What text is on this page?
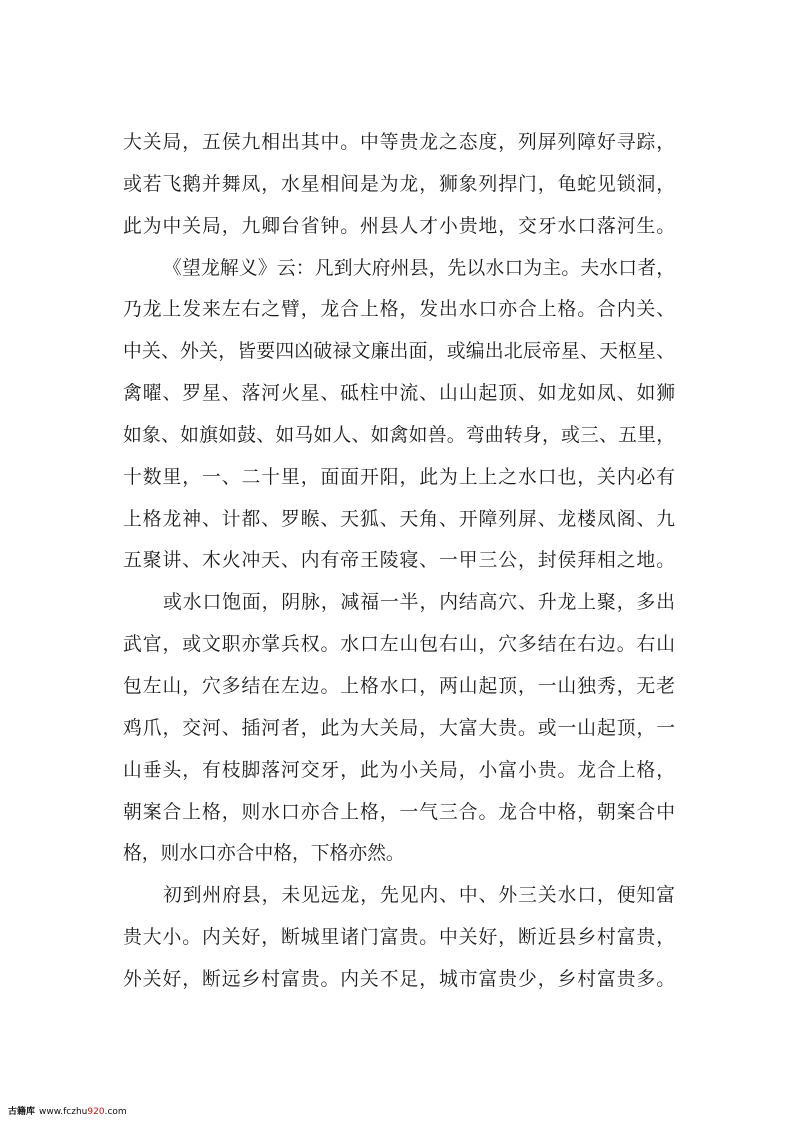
大关局，五侯九相出其中。中等贵龙之态度，列屏列障好寻踪，
或若飞鹅并舞凤，水星相间是为龙，狮象列捍门，龟蛇见锁洞，
此为中关局，九卿台省钟。州县人才小贵地，交牙水口落河生。
《望龙解义》云：凡到大府州县，先以水口为主。夫水口者，
乃龙上发来左右之臂，龙合上格，发出水口亦合上格。合内关、
中关、外关，皆要四凶破禄文廉出面，或编出北辰帝星、天枢星、
禽曜、罗星、落河火星、砥柱中流、山山起顶、如龙如凤、如狮
如象、如旗如鼓、如马如人、如禽如兽。弯曲转身，或三、五里，
十数里，一、二十里，面面开阳，此为上上之水口也，关内必有
上格龙神、计都、罗睺、天狐、天角、开障列屏、龙楼凤阁、九
五聚讲、木火冲天、内有帝王陵寝、一甲三公，封侯拜相之地。
或水口饱面，阴脉，减福一半，内结高穴、升龙上聚，多出
武官，或文职亦掌兵权。水口左山包右山，穴多结在右边。右山
包左山，穴多结在左边。上格水口，两山起顶，一山独秀，无老
鸡爪，交河、插河者，此为大关局，大富大贵。或一山起顶，一
山垂头，有枝脚落河交牙，此为小关局，小富小贵。龙合上格，
朝案合上格，则水口亦合上格，一气三合。龙合中格，朝案合中
格，则水口亦合中格，下格亦然。
初到州府县，未见远龙，先见内、中、外三关水口，便知富
贵大小。内关好，断城里诸门富贵。中关好，断近县乡村富贵，
外关好，断远乡村富贵。内关不足，城市富贵少，乡村富贵多。
古籍库 www.fczhu920.com
